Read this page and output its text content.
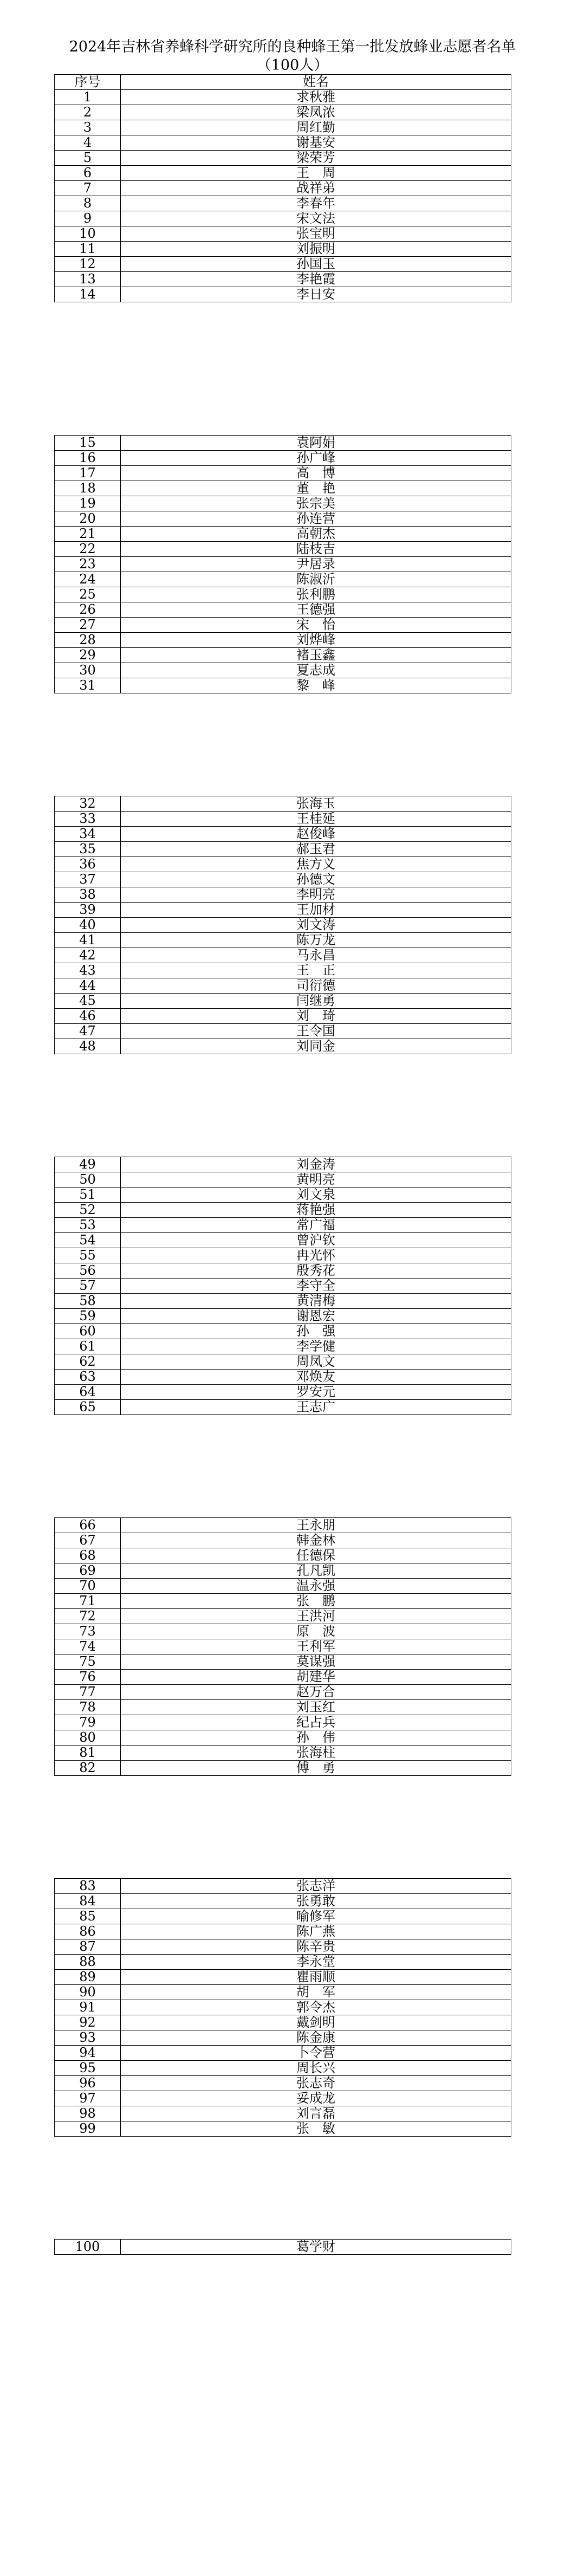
2024年吉林省养蜂科学研究所的良种蜂王第一批发放蜂业志愿者名单
（100人）
序号	姓名
1	求秋雅
2	梁凤浓
3	周红勤
4	谢基安
5	梁荣芳
6	王　周
7	战祥弟
8	李春年
9	宋文法
10	张宝明
11	刘振明
12	孙国玉
13	李艳霞
14	李日安
15	袁阿娟
16	孙广峰
17	高　博
18	董　艳
19	张宗美
20	孙连营
21	高朝杰
22	陆枝吉
23	尹居录
24	陈淑沂
25	张利鹏
26	王德强
27	宋　怡
28	刘烨峰
29	褚玉鑫
30	夏志成
31	黎　峰
32	张海玉
33	王桂延
34	赵俊峰
35	郝玉君
36	焦方义
37	孙德文
38	李明亮
39	王加材
40	刘文涛
41	陈万龙
42	马永昌
43	王　正
44	司衍德
45	闫继勇
46	刘　琦
47	王令国
48	刘同金
49	刘金涛
50	黄明亮
51	刘文泉
52	蒋艳强
53	常广福
54	曾沪钦
55	冉光怀
56	殷秀花
57	李守全
58	黄清梅
59	谢恩宏
60	孙　强
61	李学健
62	周凤文
63	邓焕友
64	罗安元
65	王志广
66	王永朋
67	韩金林
68	任德保
69	孔凡凯
70	温永强
71	张　鹏
72	王洪河
73	原　波
74	王利军
75	莫谋强
76	胡建华
77	赵万合
78	刘玉红
79	纪占兵
80	孙　伟
81	张海柱
82	傅　勇
83	张志洋
84	张勇敢
85	喻修军
86	陈广燕
87	陈辛贵
88	李永堂
89	瞿雨顺
90	胡　军
91	郭令杰
92	戴剑明
93	陈金康
94	卜令营
95	周长兴
96	张志奇
97	妥成龙
98	刘言磊
99	张　敏
100	葛学财
